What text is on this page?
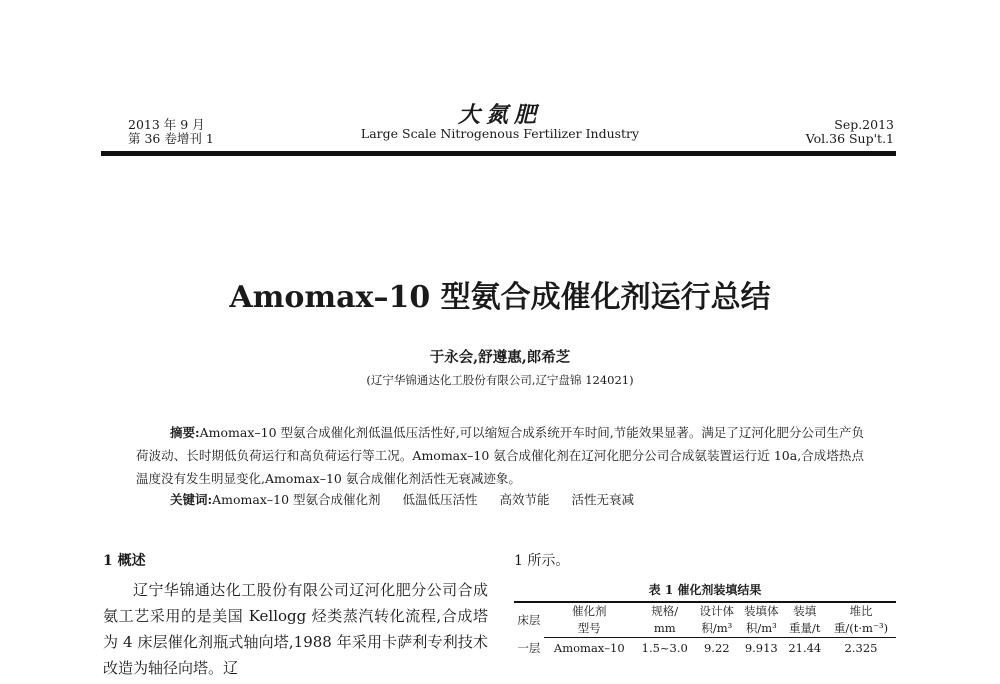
2013 年 9 月
第 36 卷增刊 1
大氮肥
Large Scale Nitrogenous Fertilizer Industry
Sep.2013
Vol.36 Sup't.1
Amomax–10 型氨合成催化剂运行总结
于永会,舒遵惠,郎希芝
(辽宁华锦通达化工股份有限公司,辽宁盘锦 124021)

摘要:Amomax–10 型氨合成催化剂低温低压活性好,可以缩短合成系统开车时间,节能效果显著。满足了辽河化肥分公司生产负荷波动、长时期低负荷运行和高负荷运行等工况。Amomax–10 氨合成催化剂在辽河化肥分公司合成氨装置运行近 10a,合成塔热点温度没有发生明显变化,Amomax–10 氨合成催化剂活性无衰减迹象。

关键词:Amomax–10 型氨合成催化剂 低温低压活性 高效节能 活性无衰减
1 概述

辽宁华锦通达化工股份有限公司辽河化肥分公司合成氨工艺采用的是美国 Kellogg 烃类蒸汽转化流程,合成塔为 4 床层催化剂瓶式轴向塔,1988 年采用卡萨利专利技术改造为轴径向塔。辽

1 所示。
表 1 催化剂装填结果
床层	催化剂	规格/	设计体	装填体	装填	堆比
	型号	mm	积/m³	积/m³	重量/t	重/(t·m⁻³)
一层	Amomax–10	1.5~3.0	9.22	9.913	21.44	2.325
